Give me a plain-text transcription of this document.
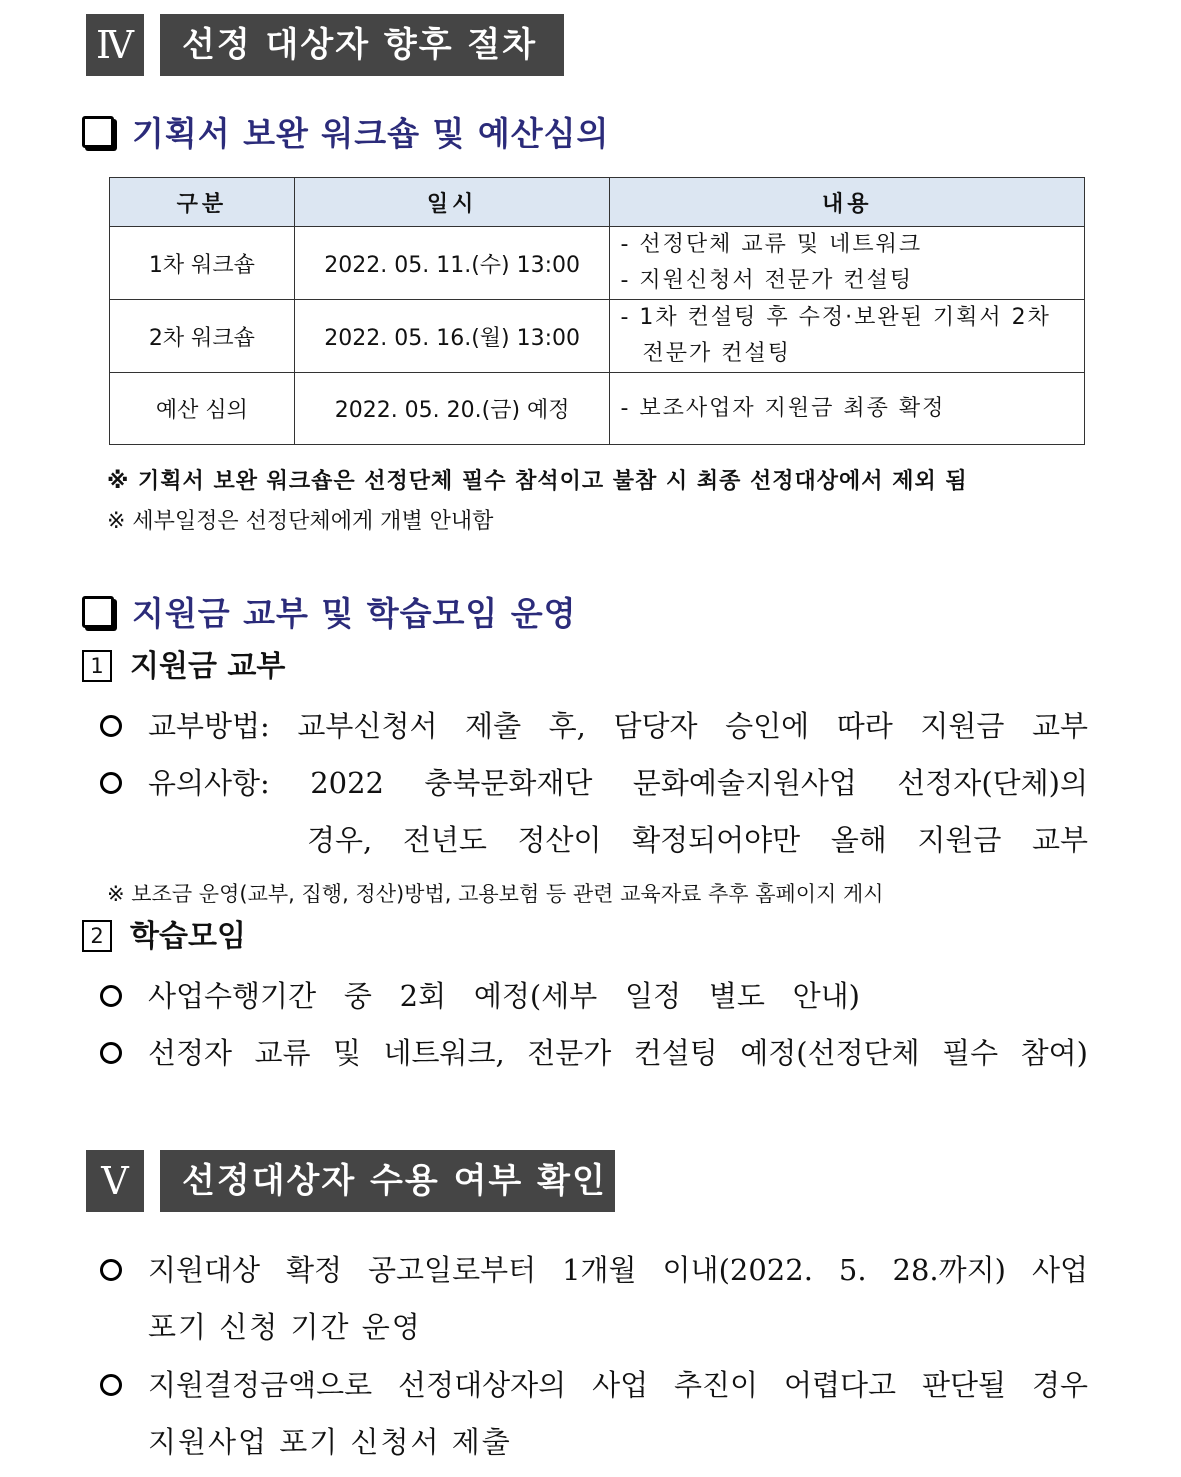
Ⅳ	선정 대상자 향후 절차
기획서 보완 워크숍 및 예산심의
구분	일시	내용
1차 워크숍	2022. 05. 11.(수) 13:00	- 선정단체 교류 및 네트워크
- 지원신청서 전문가 컨설팅

2차 워크숍	2022. 05. 16.(월) 13:00	- 1차 컨설팅 후 수정·보완된 기획서 2차 전문가 컨설팅

예산 심의	2022. 05. 20.(금) 예정	- 보조사업자 지원금 최종 확정
※ 기획서 보완 워크숍은 선정단체 필수 참석이고 불참 시 최종 선정대상에서 제외 됨
※ 세부일정은 선정단체에게 개별 안내함
지원금 교부 및 학습모임 운영
1 지원금 교부
교부방법: 교부신청서 제출 후, 담당자 승인에 따라 지원금 교부
유의사항: 2022 충북문화재단 문화예술지원사업 선정자(단체)의
경우, 전년도 정산이 확정되어야만 올해 지원금 교부
※ 보조금 운영(교부, 집행, 정산)방법, 고용보험 등 관련 교육자료 추후 홈페이지 게시
2 학습모임
사업수행기간 중 2회 예정(세부 일정 별도 안내)
선정자 교류 및 네트워크, 전문가 컨설팅 예정(선정단체 필수 참여)
Ⅴ	선정대상자 수용 여부 확인
지원대상 확정 공고일로부터 1개월 이내(2022. 5. 28.까지) 사업
포기 신청 기간 운영
지원결정금액으로 선정대상자의 사업 추진이 어렵다고 판단될 경우
지원사업 포기 신청서 제출
